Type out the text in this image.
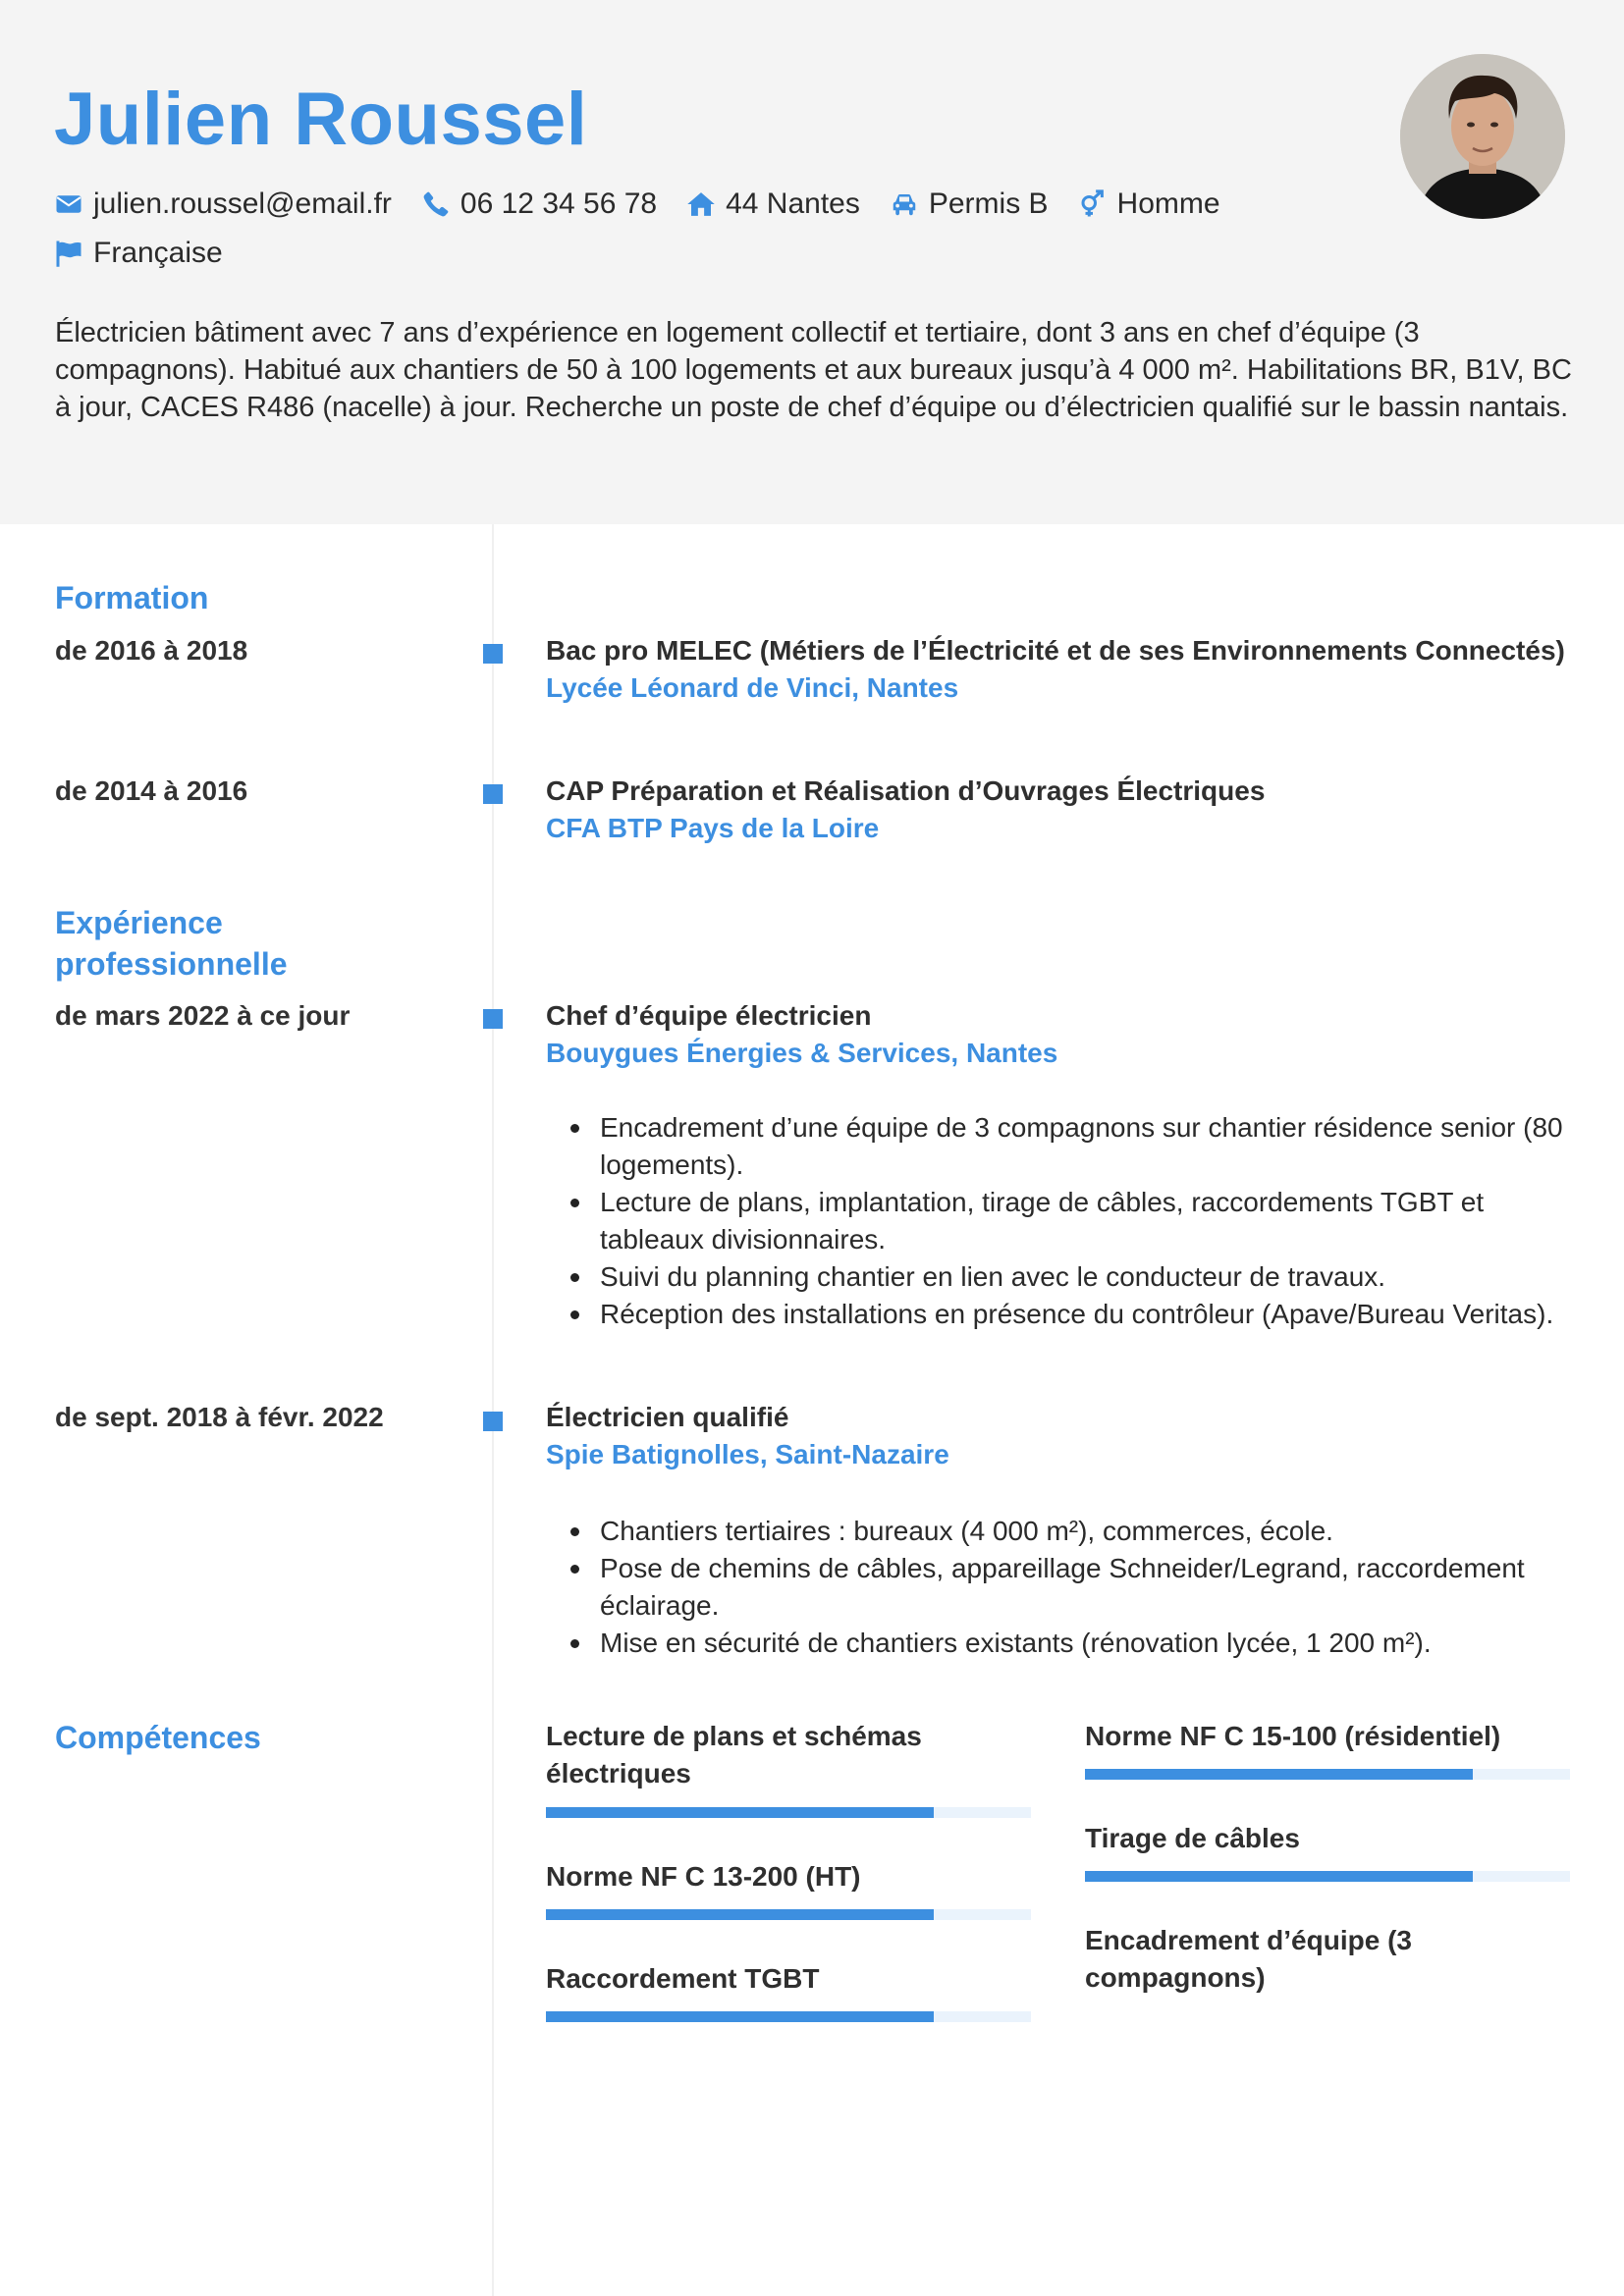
Julien Roussel
julien.roussel@email.fr 06 12 34 56 78 44 Nantes Permis B Homme
Française

Électricien bâtiment avec 7 ans d’expérience en logement collectif et tertiaire, dont 3 ans en chef d’équipe (3 compagnons). Habitué aux chantiers de 50 à 100 logements et aux bureaux jusqu’à 4 000 m². Habilitations BR, B1V, BC à jour, CACES R486 (nacelle) à jour. Recherche un poste de chef d’équipe ou d’électricien qualifié sur le bassin nantais.

Formation
de 2016 à 2018	Bac pro MELEC (Métiers de l’Électricité et de ses Environnements Connectés)
Lycée Léonard de Vinci, Nantes
de 2014 à 2016	CAP Préparation et Réalisation d’Ouvrages Électriques
CFA BTP Pays de la Loire
Expérience professionnelle
de mars 2022 à ce jour	Chef d’équipe électricien
Bouygues Énergies & Services, Nantes
Encadrement d’une équipe de 3 compagnons sur chantier résidence senior (80 logements).
Lecture de plans, implantation, tirage de câbles, raccordements TGBT et tableaux divisionnaires.
Suivi du planning chantier en lien avec le conducteur de travaux.
Réception des installations en présence du contrôleur (Apave/Bureau Veritas).
de sept. 2018 à févr. 2022	Électricien qualifié
Spie Batignolles, Saint-Nazaire
Chantiers tertiaires : bureaux (4 000 m²), commerces, école.
Pose de chemins de câbles, appareillage Schneider/Legrand, raccordement éclairage.
Mise en sécurité de chantiers existants (rénovation lycée, 1 200 m²).
Compétences	Lecture de plans et schémas électriques
Norme NF C 13-200 (HT)
Raccordement TGBT
Norme NF C 15-100 (résidentiel)
Tirage de câbles
Encadrement d’équipe (3 compagnons)
